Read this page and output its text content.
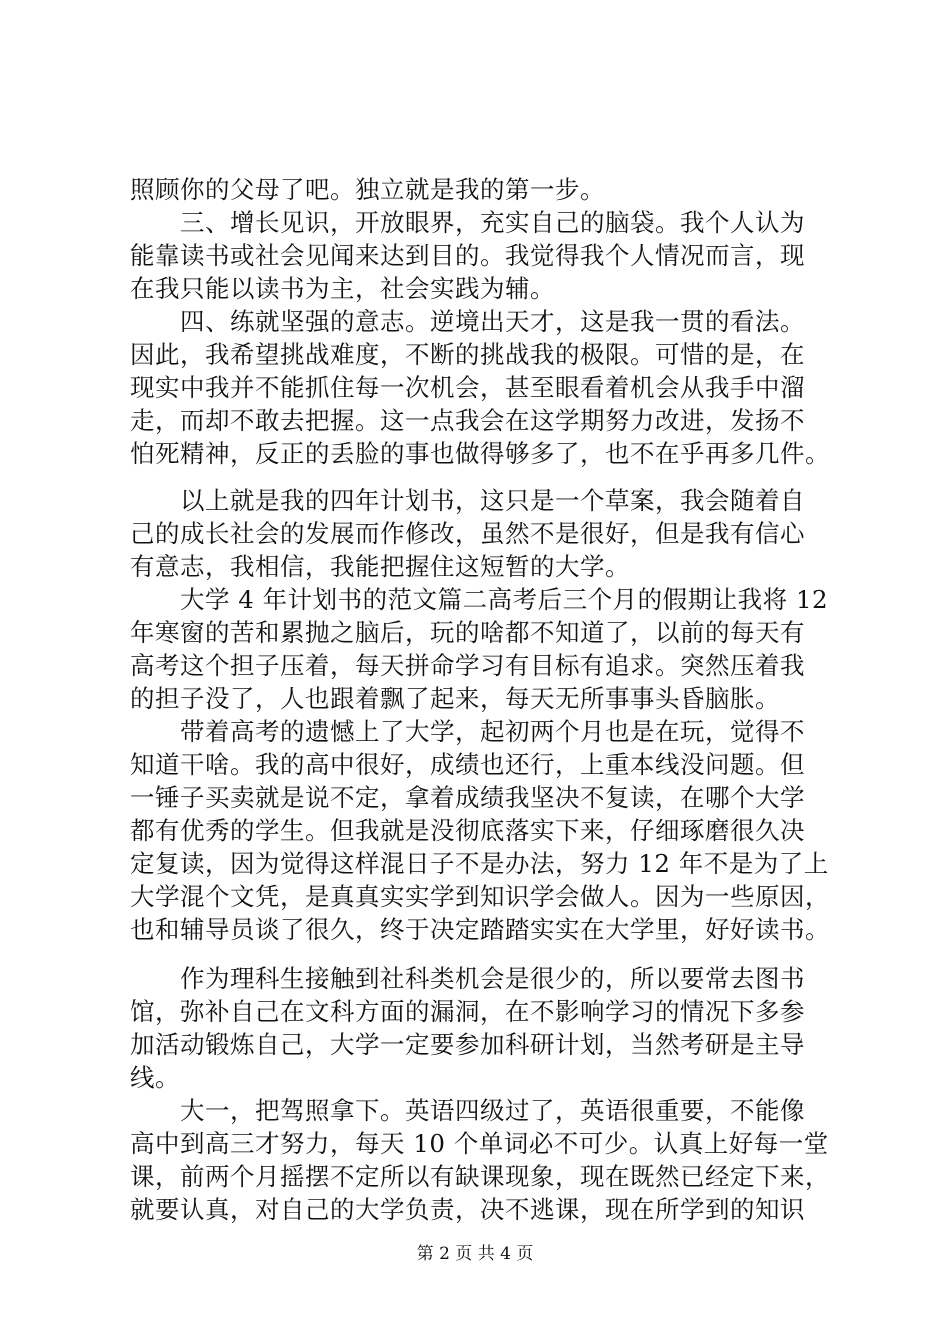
照顾你的父母了吧。独立就是我的第一步。
　　三、增长见识，开放眼界，充实自己的脑袋。我个人认为
能靠读书或社会见闻来达到目的。我觉得我个人情况而言，现
在我只能以读书为主，社会实践为辅。
　　四、练就坚强的意志。逆境出天才，这是我一贯的看法。
因此，我希望挑战难度，不断的挑战我的极限。可惜的是，在
现实中我并不能抓住每一次机会，甚至眼看着机会从我手中溜
走，而却不敢去把握。这一点我会在这学期努力改进，发扬不
怕死精神，反正的丢脸的事也做得够多了，也不在乎再多几件。
　　以上就是我的四年计划书，这只是一个草案，我会随着自
己的成长社会的发展而作修改，虽然不是很好，但是我有信心
有意志，我相信，我能把握住这短暂的大学。
　　大学 4 年计划书的范文篇二高考后三个月的假期让我将 12
年寒窗的苦和累抛之脑后，玩的啥都不知道了，以前的每天有
高考这个担子压着，每天拼命学习有目标有追求。突然压着我
的担子没了，人也跟着飘了起来，每天无所事事头昏脑胀。
　　带着高考的遗憾上了大学，起初两个月也是在玩，觉得不
知道干啥。我的高中很好，成绩也还行，上重本线没问题。但
一锤子买卖就是说不定，拿着成绩我坚决不复读，在哪个大学
都有优秀的学生。但我就是没彻底落实下来，仔细琢磨很久决
定复读，因为觉得这样混日子不是办法，努力 12 年不是为了上
大学混个文凭，是真真实实学到知识学会做人。因为一些原因，
也和辅导员谈了很久，终于决定踏踏实实在大学里，好好读书。
　　作为理科生接触到社科类机会是很少的，所以要常去图书
馆，弥补自己在文科方面的漏洞，在不影响学习的情况下多参
加活动锻炼自己，大学一定要参加科研计划，当然考研是主导
线。
　　大一，把驾照拿下。英语四级过了，英语很重要，不能像
高中到高三才努力，每天 10 个单词必不可少。认真上好每一堂
课，前两个月摇摆不定所以有缺课现象，现在既然已经定下来，
就要认真，对自己的大学负责，决不逃课，现在所学到的知识
第 2 页 共 4 页
